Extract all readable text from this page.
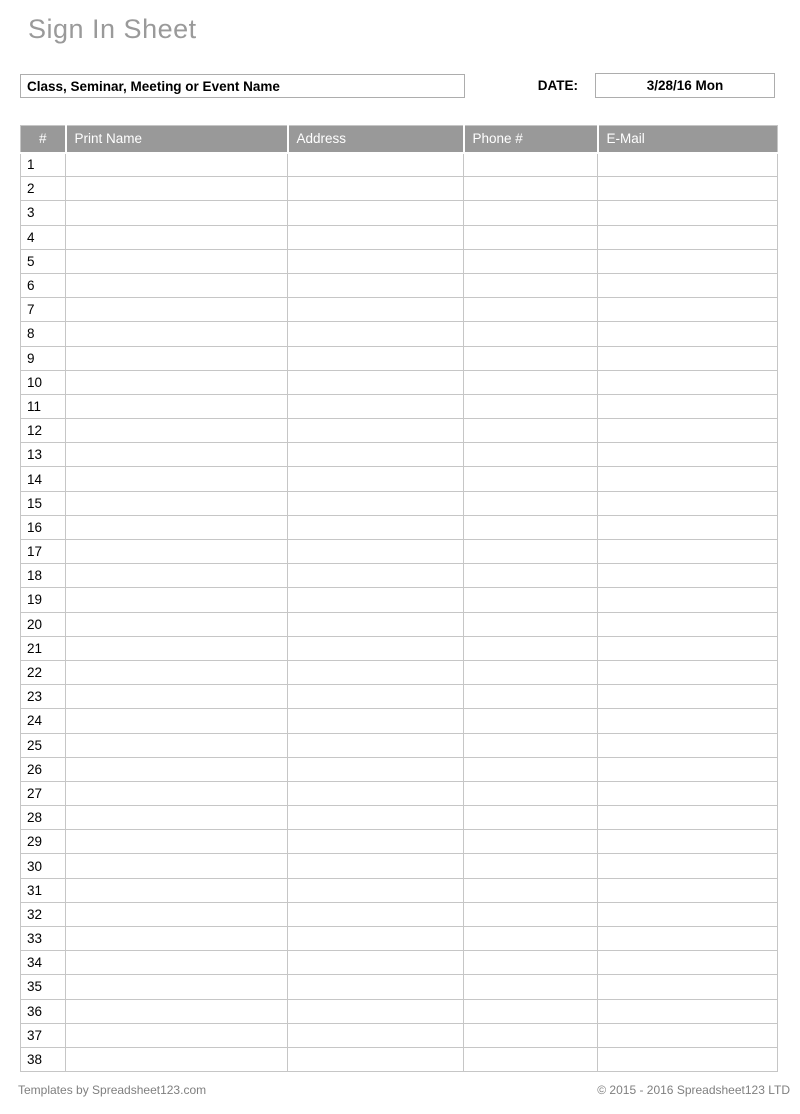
Sign In Sheet
Class, Seminar, Meeting or Event Name	DATE:	3/28/16 Mon
#	Print Name	Address	Phone #	E-Mail
1				
2				
3				
4				
5				
6				
7				
8				
9				
10				
11				
12				
13				
14				
15				
16				
17				
18				
19				
20				
21				
22				
23				
24				
25				
26				
27				
28				
29				
30				
31				
32				
33				
34				
35				
36				
37				
38				
Templates by Spreadsheet123.com	© 2015 - 2016 Spreadsheet123 LTD
